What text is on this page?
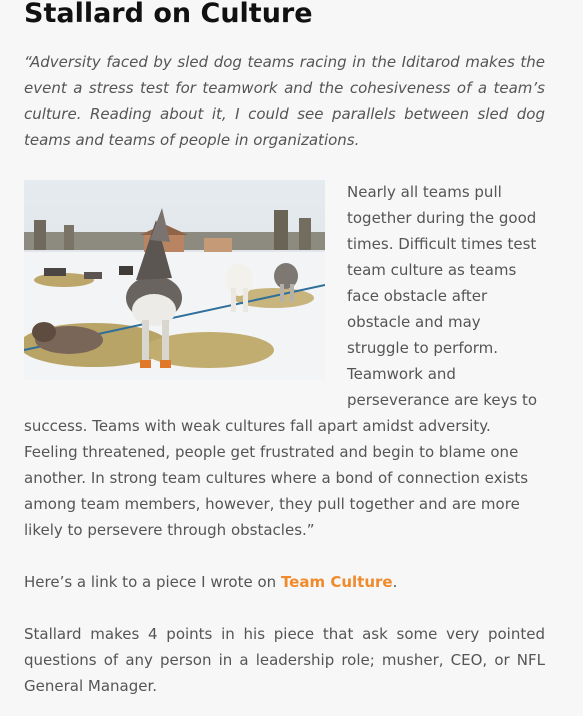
Stallard on Culture

“Adversity faced by sled dog teams racing in the Iditarod makes the event a stress test for teamwork and the cohesiveness of a team’s culture. Reading about it, I could see parallels between sled dog teams and teams of people in organizations.

Nearly all teams pull together during the good times. Difficult times test team culture as teams face obstacle after obstacle and may struggle to perform. Teamwork and perseverance are keys to success. Teams with weak cultures fall apart amidst adversity. Feeling threatened, people get frustrated and begin to blame one another. In strong team cultures where a bond of connection exists among team members, however, they pull together and are more likely to persevere through obstacles.”

Here’s a link to a piece I wrote on Team Culture.

Stallard makes 4 points in his piece that ask some very pointed questions of any person in a leadership role; musher, CEO, or NFL General Manager.
